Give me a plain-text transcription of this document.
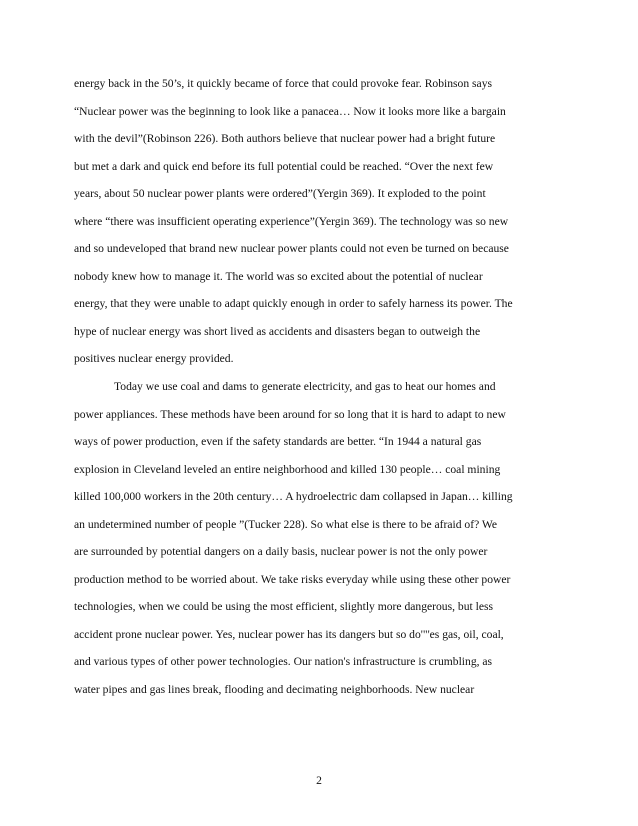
energy back in the 50’s, it quickly became of force that could provoke fear. Robinson says
“Nuclear power was the beginning to look like a panacea… Now it looks more like a bargain
with the devil”(Robinson 226). Both authors believe that nuclear power had a bright future
but met a dark and quick end before its full potential could be reached. “Over the next few
years, about 50 nuclear power plants were ordered”(Yergin 369). It exploded to the point
where “there was insufficient operating experience”(Yergin 369). The technology was so new
and so undeveloped that brand new nuclear power plants could not even be turned on because
nobody knew how to manage it. The world was so excited about the potential of nuclear
energy, that they were unable to adapt quickly enough in order to safely harness its power. The
hype of nuclear energy was short lived as accidents and disasters began to outweigh the
positives nuclear energy provided.
Today we use coal and dams to generate electricity, and gas to heat our homes and
power appliances. These methods have been around for so long that it is hard to adapt to new
ways of power production, even if the safety standards are better. “In 1944 a natural gas
explosion in Cleveland leveled an entire neighborhood and killed 130 people… coal mining
killed 100,000 workers in the 20th century… A hydroelectric dam collapsed in Japan… killing
an undetermined number of people ”(Tucker 228). So what else is there to be afraid of? We
are surrounded by potential dangers on a daily basis, nuclear power is not the only power
production method to be worried about. We take risks everyday while using these other power
technologies, when we could be using the most efficient, slightly more dangerous, but less
accident prone nuclear power. Yes, nuclear power has its dangers but so do'"'es gas, oil, coal,
and various types of other power technologies. Our nation's infrastructure is crumbling, as
water pipes and gas lines break, flooding and decimating neighborhoods. New nuclear
2
